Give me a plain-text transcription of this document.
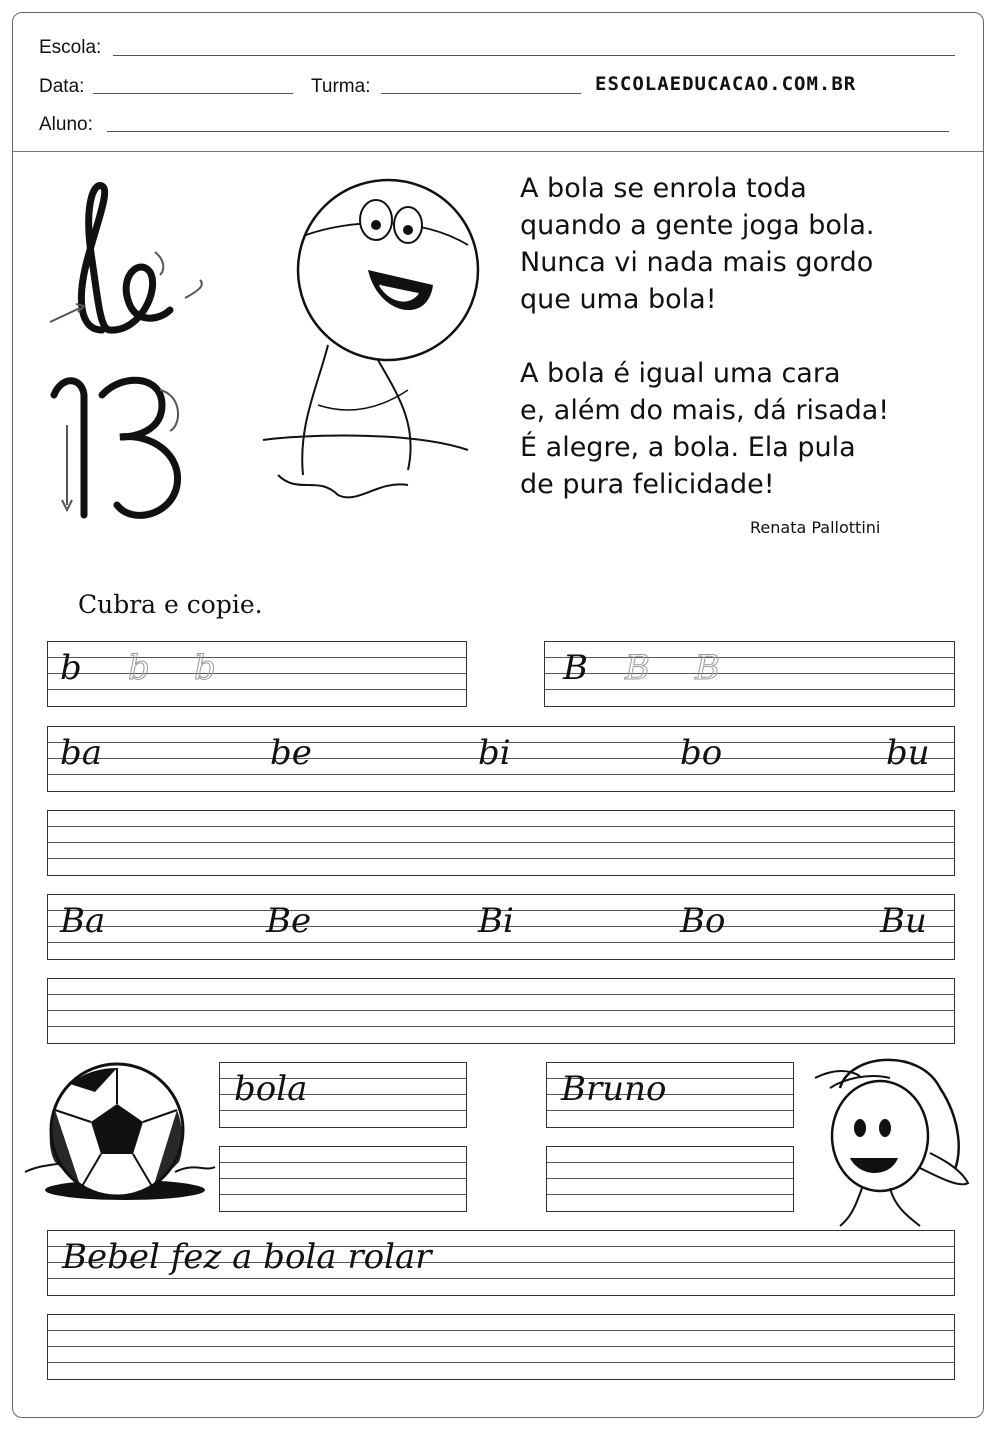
Escola:
Data:	Turma:	ESCOLAEDUCACAO.COM.BR
Aluno:
A bola se enrola toda
quando a gente joga bola.
Nunca vi nada mais gordo
que uma bola!
A bola é igual uma cara
e, além do mais, dá risada!
É alegre, a bola. Ela pula
de pura felicidade!
Renata Pallottini
Cubra e copie.
b b b	B B B
ba	be	bi	bo	bu
Ba	Be	Bi	Bo	Bu
bola	Bruno
Bebel fez a bola rolar
